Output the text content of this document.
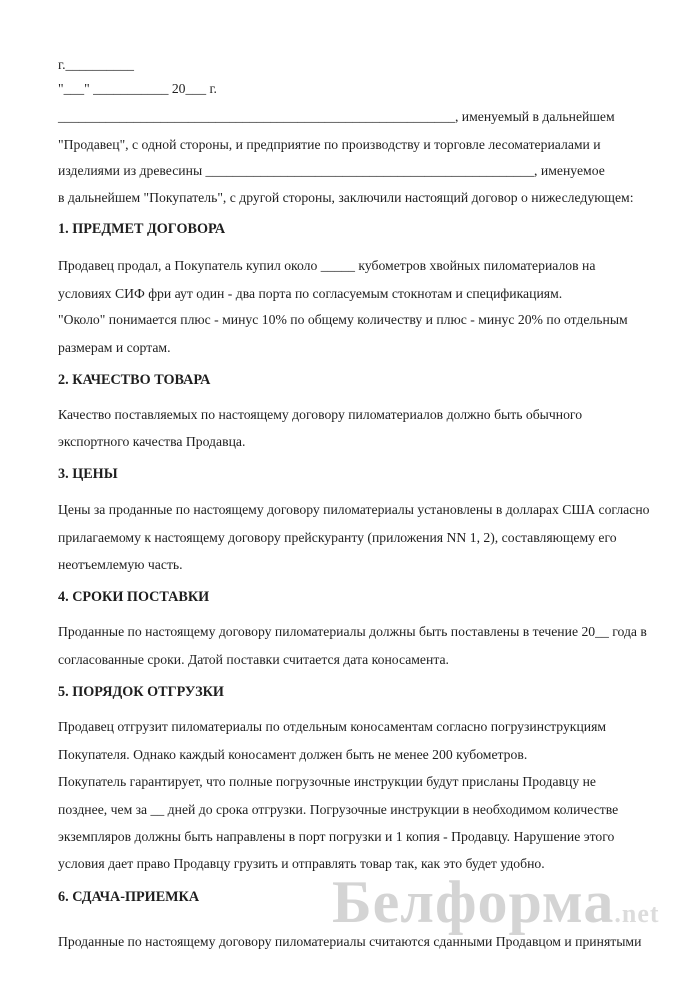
г.__________
"___" ___________ 20___ г.
__________________________________________________________, именуемый в дальнейшем
"Продавец", с одной стороны, и предприятие по производству и торговле лесоматериалами и
изделиями из древесины ________________________________________________, именуемое
в дальнейшем "Покупатель", с другой стороны, заключили настоящий договор о нижеследующем:
1. ПРЕДМЕТ ДОГОВОРА
Продавец продал, а Покупатель купил около _____ кубометров хвойных пиломатериалов на
условиях СИФ фри аут один - два порта по согласуемым стокнотам и спецификациям.
"Около" понимается плюс - минус 10% по общему количеству и плюс - минус 20% по отдельным
размерам и сортам.
2. КАЧЕСТВО ТОВАРА
Качество поставляемых по настоящему договору пиломатериалов должно быть обычного
экспортного качества Продавца.
3. ЦЕНЫ
Цены за проданные по настоящему договору пиломатериалы установлены в долларах США согласно
прилагаемому к настоящему договору прейскуранту (приложения NN 1, 2), составляющему его
неотъемлемую часть.
4. СРОКИ ПОСТАВКИ
Проданные по настоящему договору пиломатериалы должны быть поставлены в течение 20__ года в
согласованные сроки. Датой поставки считается дата коносамента.
5. ПОРЯДОК ОТГРУЗКИ
Продавец отгрузит пиломатериалы по отдельным коносаментам согласно погрузинструкциям
Покупателя. Однако каждый коносамент должен быть не менее 200 кубометров.
Покупатель гарантирует, что полные погрузочные инструкции будут присланы Продавцу не
позднее, чем за __ дней до срока отгрузки. Погрузочные инструкции в необходимом количестве
экземпляров должны быть направлены в порт погрузки и 1 копия - Продавцу. Нарушение этого
условия дает право Продавцу грузить и отправлять товар так, как это будет удобно.
6. СДАЧА-ПРИЕМКА
Проданные по настоящему договору пиломатериалы считаются сданными Продавцом и принятыми
Белформа.net
